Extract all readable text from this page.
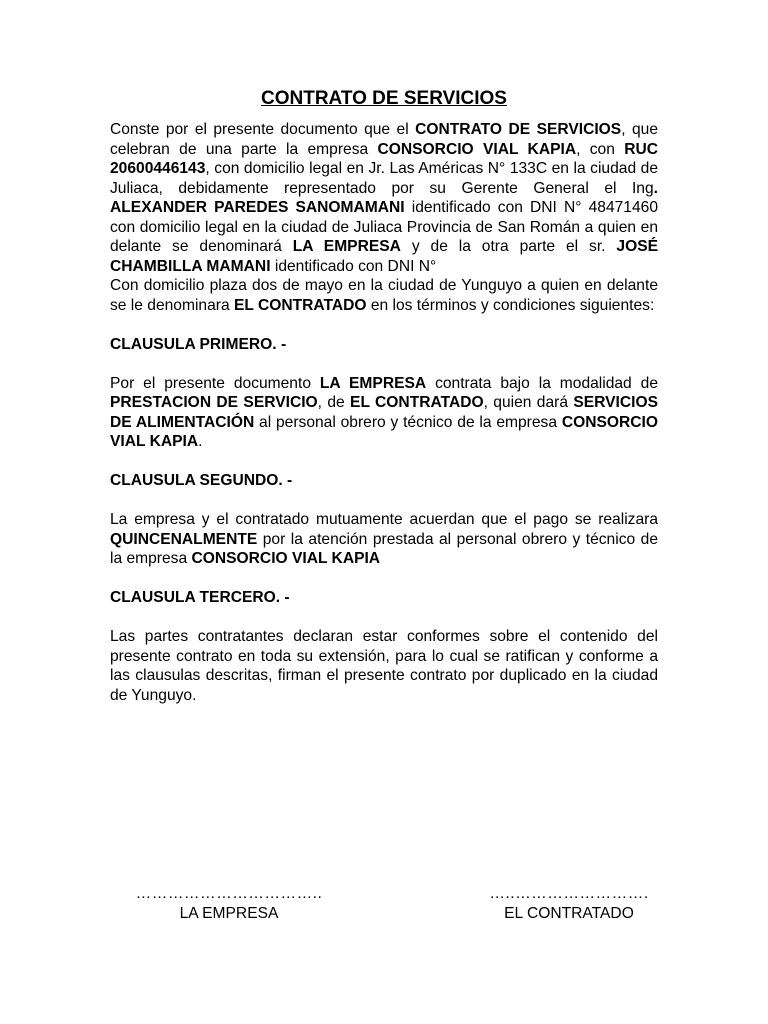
CONTRATO DE SERVICIOS

Conste por el presente documento que el CONTRATO DE SERVICIOS, que celebran de una parte la empresa CONSORCIO VIAL KAPIA, con RUC 20600446143, con domicilio legal en Jr. Las Américas N° 133C en la ciudad de Juliaca, debidamente representado por su Gerente General el Ing. ALEXANDER PAREDES SANOMAMANI identificado con DNI N° 48471460 con domicilio legal en la ciudad de Juliaca Provincia de San Román a quien en delante se denominará LA EMPRESA y de la otra parte el sr. JOSÉ CHAMBILLA MAMANI identificado con DNI N°

Con domicilio plaza dos de mayo en la ciudad de Yunguyo a quien en delante se le denominara EL CONTRATADO en los términos y condiciones siguientes:

CLAUSULA PRIMERO. -

Por el presente documento LA EMPRESA contrata bajo la modalidad de PRESTACION DE SERVICIO, de EL CONTRATADO, quien dará SERVICIOS DE ALIMENTACIÓN al personal obrero y técnico de la empresa CONSORCIO VIAL KAPIA.

CLAUSULA SEGUNDO. -

La empresa y el contratado mutuamente acuerdan que el pago se realizara QUINCENALMENTE por la atención prestada al personal obrero y técnico de la empresa CONSORCIO VIAL KAPIA

CLAUSULA TERCERO. -

Las partes contratantes declaran estar conformes sobre el contenido del presente contrato en toda su extensión, para lo cual se ratifican y conforme a las clausulas descritas, firman el presente contrato por duplicado en la ciudad de Yunguyo.

……………………………..
LA EMPRESA
…..…………………….
EL CONTRATADO
